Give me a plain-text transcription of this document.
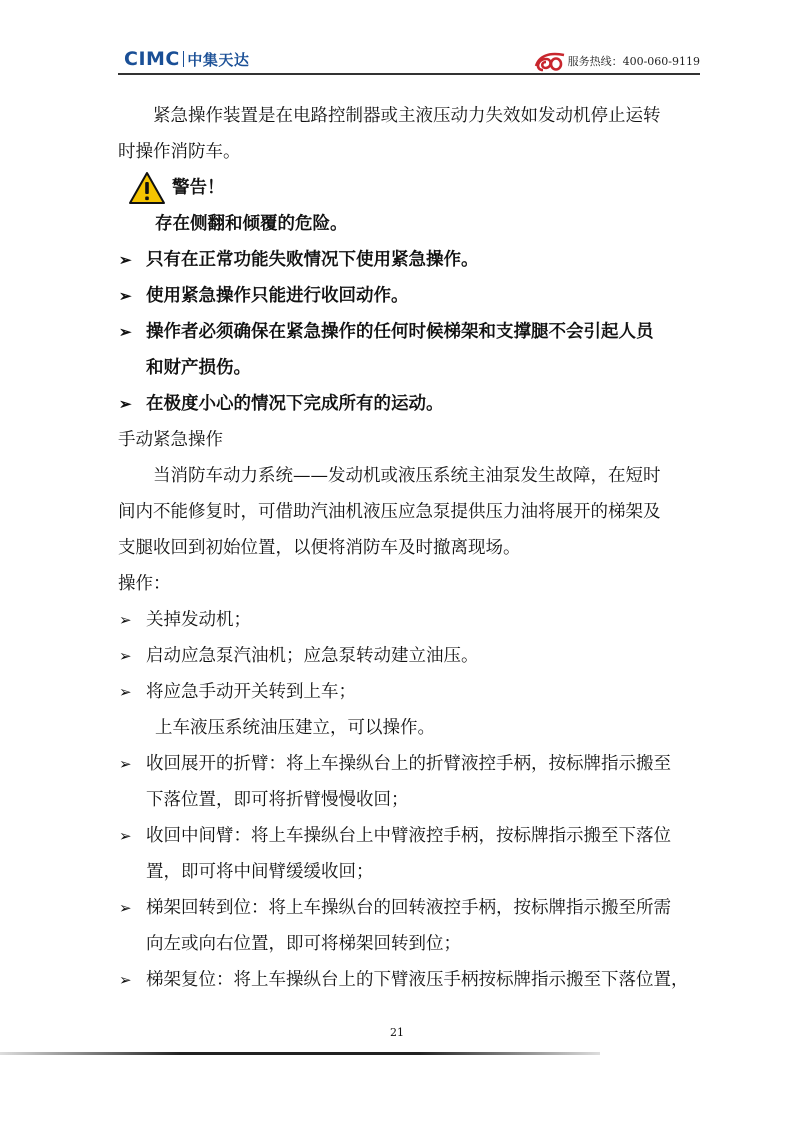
CIMC 中集天达	服务热线：400-060-9119
紧急操作装置是在电路控制器或主液压动力失效如发动机停止运转
时操作消防车。
警告！
存在侧翻和倾覆的危险。
➢ 只有在正常功能失败情况下使用紧急操作。
➢ 使用紧急操作只能进行收回动作。
➢ 操作者必须确保在紧急操作的任何时候梯架和支撑腿不会引起人员
和财产损伤。
➢ 在极度小心的情况下完成所有的运动。
手动紧急操作
当消防车动力系统——发动机或液压系统主油泵发生故障，在短时
间内不能修复时，可借助汽油机液压应急泵提供压力油将展开的梯架及
支腿收回到初始位置，以便将消防车及时撤离现场。
操作：
➢ 关掉发动机；
➢ 启动应急泵汽油机；应急泵转动建立油压。
➢ 将应急手动开关转到上车；
上车液压系统油压建立，可以操作。
➢ 收回展开的折臂：将上车操纵台上的折臂液控手柄，按标牌指示搬至
下落位置，即可将折臂慢慢收回；
➢ 收回中间臂：将上车操纵台上中臂液控手柄，按标牌指示搬至下落位
置，即可将中间臂缓缓收回；
➢ 梯架回转到位：将上车操纵台的回转液控手柄，按标牌指示搬至所需
向左或向右位置，即可将梯架回转到位；
➢ 梯架复位：将上车操纵台上的下臂液压手柄按标牌指示搬至下落位置，
21
